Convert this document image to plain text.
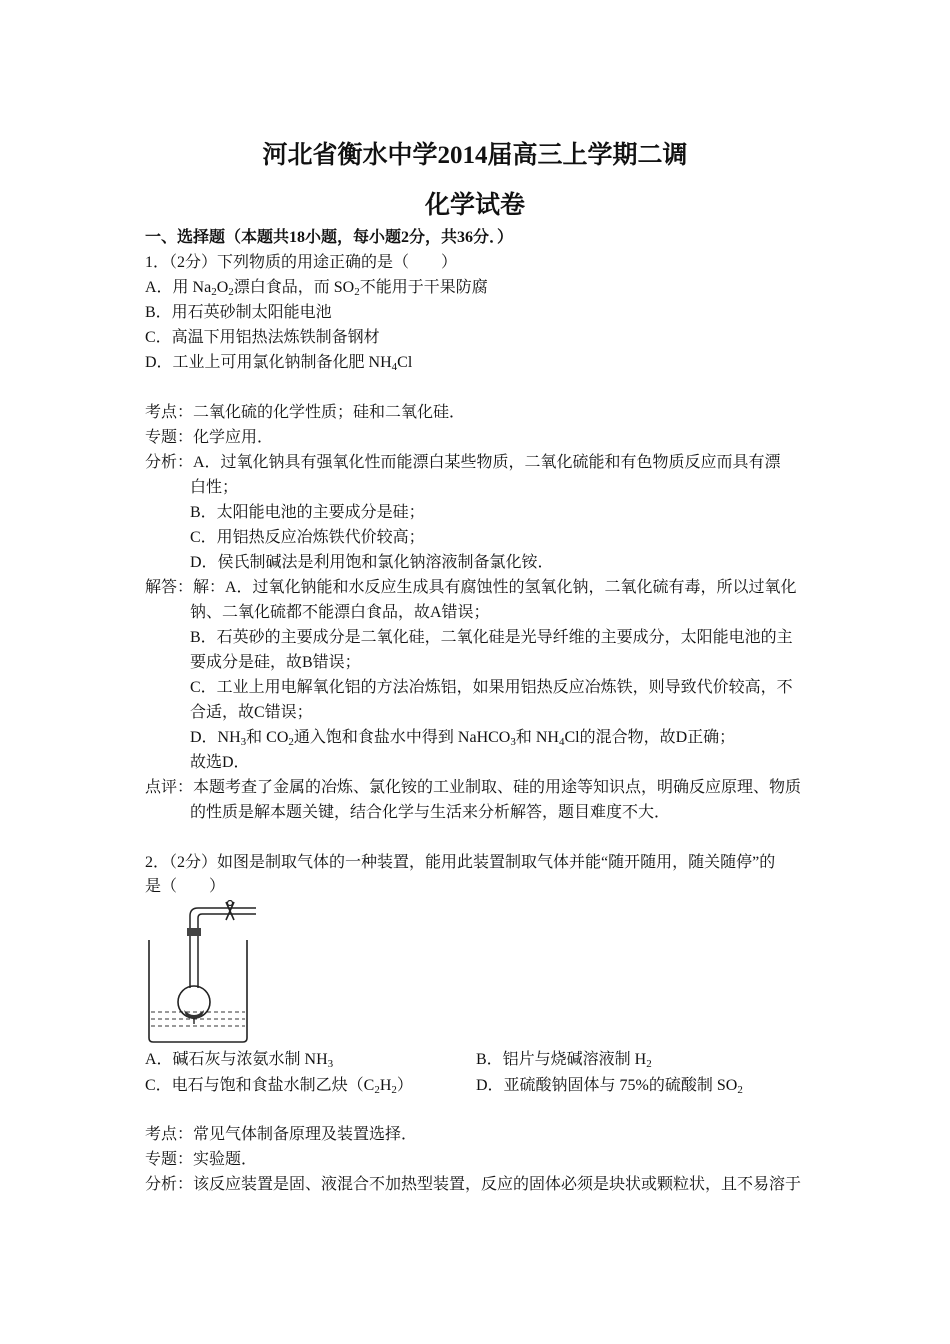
河北省衡水中学2014届高三上学期二调
化学试卷
一、选择题（本题共18小题，每小题2分，共36分．）
1．（2分）下列物质的用途正确的是（　　）
A．用 $Na_2O_2$漂白食品，而 $SO_2$不能用于干果防腐
B．用石英砂制太阳能电池
C．高温下用铝热法炼铁制备钢材
D．工业上可用氯化钠制备化肥 $NH_4Cl$
考点：二氧化硫的化学性质；硅和二氧化硅．
专题：化学应用．
分析：A．过氧化钠具有强氧化性而能漂白某些物质，二氧化硫能和有色物质反应而具有漂
白性；
B．太阳能电池的主要成分是硅；
C．用铝热反应冶炼铁代价较高；
D．侯氏制碱法是利用饱和氯化钠溶液制备氯化铵．
解答：解：A．过氧化钠能和水反应生成具有腐蚀性的氢氧化钠，二氧化硫有毒，所以过氧化
钠、二氧化硫都不能漂白食品，故A错误；
B．石英砂的主要成分是二氧化硅，二氧化硅是光导纤维的主要成分，太阳能电池的主
要成分是硅，故B错误；
C．工业上用电解氧化铝的方法冶炼铝，如果用铝热反应冶炼铁，则导致代价较高，不
合适，故C错误；
D．$NH_3$和 $CO_2$通入饱和食盐水中得到 NaHCO$_3$和 $NH_4Cl$的混合物，故D正确；
故选D．
点评：本题考查了金属的冶炼、氯化铵的工业制取、硅的用途等知识点，明确反应原理、物质
的性质是解本题关键，结合化学与生活来分析解答，题目难度不大．
2．（2分）如图是制取气体的一种装置，能用此装置制取气体并能“随开随用，随关随停”的
是（　　）
A．碱石灰与浓氨水制 $NH_3$	B．铝片与烧碱溶液制 $H_2$
C．电石与饱和食盐水制乙炔$(C_2H_2)$	D．亚硫酸钠固体与 75%的硫酸制 $SO_2$
考点：常见气体制备原理及装置选择．
专题：实验题．
分析：该反应装置是固、液混合不加热型装置，反应的固体必须是块状或颗粒状，且不易溶于
